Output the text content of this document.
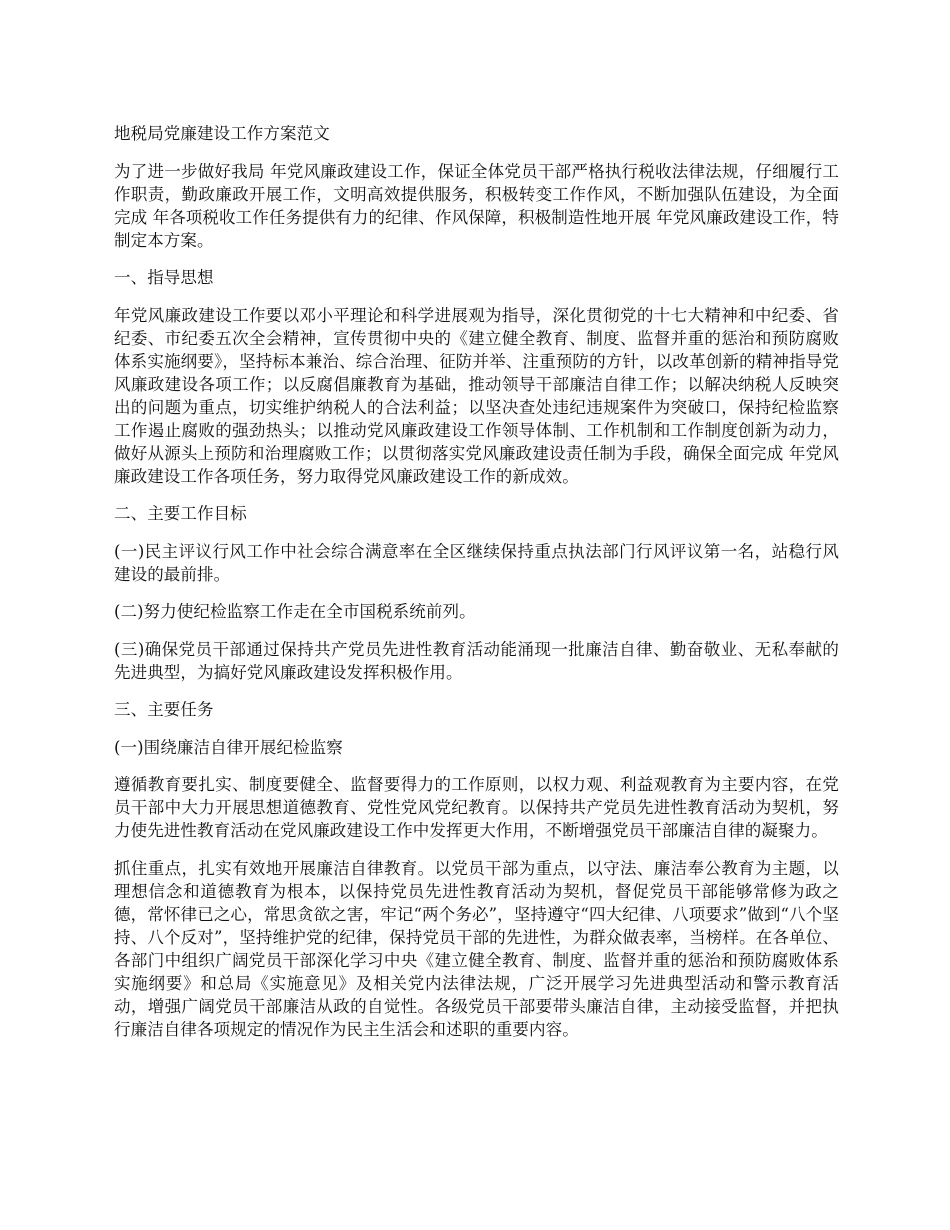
地税局党廉建设工作方案范文

为了进一步做好我局 年党风廉政建设工作，保证全体党员干部严格执行税收法律法规，仔细履行工作职责，勤政廉政开展工作，文明高效提供服务，积极转变工作作风，不断加强队伍建设，为全面完成 年各项税收工作任务提供有力的纪律、作风保障，积极制造性地开展 年党风廉政建设工作，特制定本方案。

一、指导思想

年党风廉政建设工作要以邓小平理论和科学进展观为指导，深化贯彻党的十七大精神和中纪委、省纪委、市纪委五次全会精神，宣传贯彻中央的《建立健全教育、制度、监督并重的惩治和预防腐败体系实施纲要》，坚持标本兼治、综合治理、征防并举、注重预防的方针，以改革创新的精神指导党风廉政建设各项工作；以反腐倡廉教育为基础，推动领导干部廉洁自律工作；以解决纳税人反映突出的问题为重点，切实维护纳税人的合法利益；以坚决查处违纪违规案件为突破口，保持纪检监察工作遏止腐败的强劲热头；以推动党风廉政建设工作领导体制、工作机制和工作制度创新为动力，做好从源头上预防和治理腐败工作；以贯彻落实党风廉政建设责任制为手段，确保全面完成 年党风廉政建设工作各项任务，努力取得党风廉政建设工作的新成效。

二、主要工作目标

(一)民主评议行风工作中社会综合满意率在全区继续保持重点执法部门行风评议第一名，站稳行风建设的最前排。

(二)努力使纪检监察工作走在全市国税系统前列。

(三)确保党员干部通过保持共产党员先进性教育活动能涌现一批廉洁自律、勤奋敬业、无私奉献的先进典型，为搞好党风廉政建设发挥积极作用。

三、主要任务

(一)围绕廉洁自律开展纪检监察

遵循教育要扎实、制度要健全、监督要得力的工作原则，以权力观、利益观教育为主要内容，在党员干部中大力开展思想道德教育、党性党风党纪教育。以保持共产党员先进性教育活动为契机，努力使先进性教育活动在党风廉政建设工作中发挥更大作用，不断增强党员干部廉洁自律的凝聚力。

抓住重点，扎实有效地开展廉洁自律教育。以党员干部为重点，以守法、廉洁奉公教育为主题，以理想信念和道德教育为根本，以保持党员先进性教育活动为契机，督促党员干部能够常修为政之德，常怀律已之心，常思贪欲之害，牢记“两个务必”，坚持遵守“四大纪律、八项要求”做到“八个坚持、八个反对”，坚持维护党的纪律，保持党员干部的先进性，为群众做表率，当榜样。在各单位、各部门中组织广阔党员干部深化学习中央《建立健全教育、制度、监督并重的惩治和预防腐败体系实施纲要》和总局《实施意见》及相关党内法律法规，广泛开展学习先进典型活动和警示教育活动，增强广阔党员干部廉洁从政的自觉性。各级党员干部要带头廉洁自律，主动接受监督，并把执行廉洁自律各项规定的情况作为民主生活会和述职的重要内容。
